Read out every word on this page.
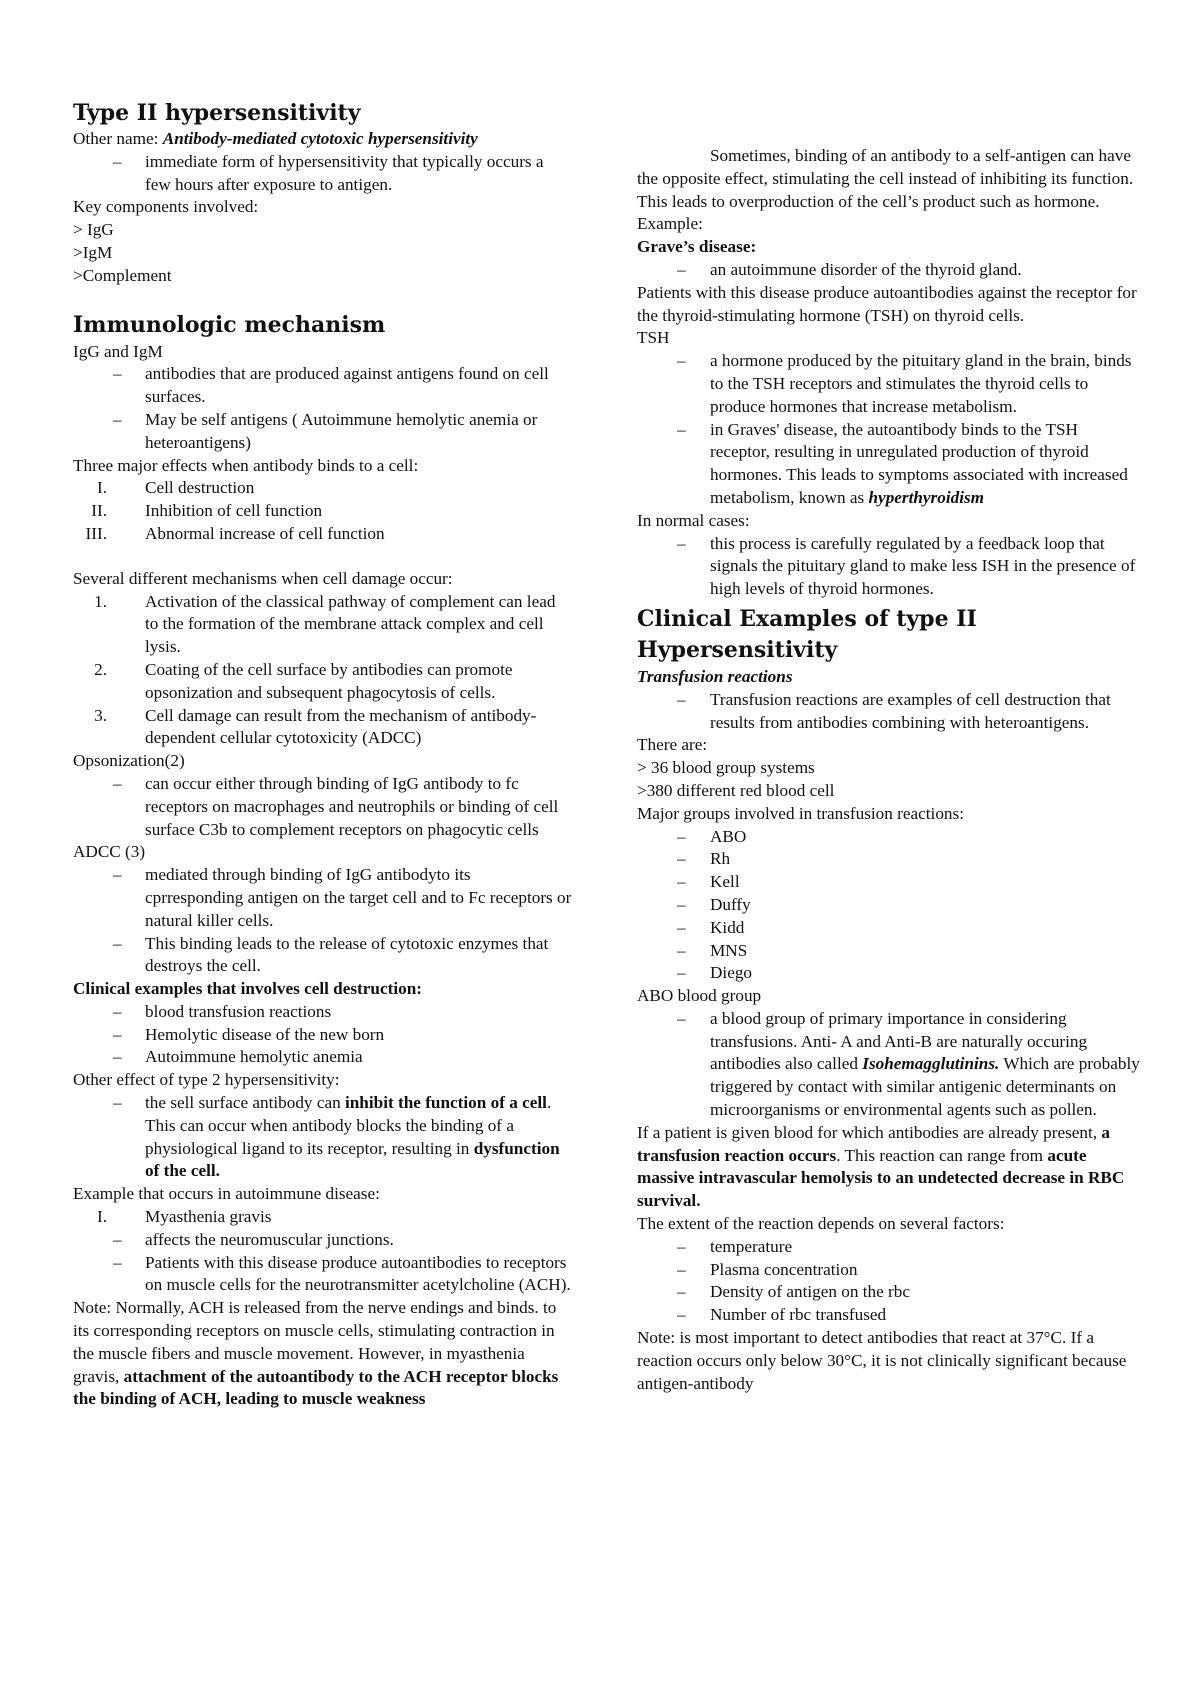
Type II hypersensitivity

Other name: Antibody-mediated cytotoxic hypersensitivity

– immediate form of hypersensitivity that typically occurs a few hours after exposure to antigen.

Key components involved:

> IgG

>IgM

>Complement

Immunologic mechanism

IgG and IgM

– antibodies that are produced against antigens found on cell surfaces.
– May be self antigens ( Autoimmune hemolytic anemia or heteroantigens)

Three major effects when antibody binds to a cell:

I. Cell destruction
II. Inhibition of cell function
III. Abnormal increase of cell function

Several different mechanisms when cell damage occur:

1. Activation of the classical pathway of complement can lead to the formation of the membrane attack complex and cell lysis.
2. Coating of the cell surface by antibodies can promote opsonization and subsequent phagocytosis of cells.
3. Cell damage can result from the mechanism of antibody- dependent cellular cytotoxicity (ADCC)

Opsonization(2)

– can occur either through binding of IgG antibody to fc receptors on macrophages and neutrophils or binding of cell surface C3b to complement receptors on phagocytic cells

ADCC (3)

– mediated through binding of IgG antibodyto its cprresponding antigen on the target cell and to Fc receptors or natural killer cells.
– This binding leads to the release of cytotoxic enzymes that destroys the cell.

Clinical examples that involves cell destruction:

– blood transfusion reactions
– Hemolytic disease of the new born
– Autoimmune hemolytic anemia

Other effect of type 2 hypersensitivity:

– the sell surface antibody can inhibit the function of a cell. This can occur when antibody blocks the binding of a physiological ligand to its receptor, resulting in dysfunction of the cell.

Example that occurs in autoimmune disease:

I. Myasthenia gravis
– affects the neuromuscular junctions.
– Patients with this disease produce autoantibodies to receptors on muscle cells for the neurotransmitter acetylcholine (ACH).

Note: Normally, ACH is released from the nerve endings and binds. to its corresponding receptors on muscle cells, stimulating contraction in the muscle fibers and muscle movement. However, in myasthenia gravis, attachment of the autoantibody to the ACH receptor blocks the binding of ACH, leading to muscle weakness

Sometimes, binding of an antibody to a self-antigen can have the opposite effect, stimulating the cell instead of inhibiting its function.

This leads to overproduction of the cell’s product such as hormone.

Example:

Grave’s disease:

– an autoimmune disorder of the thyroid gland.

Patients with this disease produce autoantibodies against the receptor for the thyroid-stimulating hormone (TSH) on thyroid cells.

TSH

– a hormone produced by the pituitary gland in the brain, binds to the TSH receptors and stimulates the thyroid cells to produce hormones that increase metabolism.
– in Graves' disease, the autoantibody binds to the TSH receptor, resulting in unregulated production of thyroid hormones. This leads to symptoms associated with increased metabolism, known as hyperthyroidism

In normal cases:

– this process is carefully regulated by a feedback loop that signals the pituitary gland to make less ISH in the presence of high levels of thyroid hormones.
Clinical Examples of type II Hypersensitivity

Transfusion reactions

– Transfusion reactions are examples of cell destruction that results from antibodies combining with heteroantigens.

There are:

> 36 blood group systems

>380 different red blood cell

Major groups involved in transfusion reactions:

– ABO
– Rh
– Kell
– Duffy
– Kidd
– MNS
– Diego

ABO blood group

– a blood group of primary importance in considering transfusions. Anti- A and Anti-B are naturally occuring antibodies also called Isohemagglutinins. Which are probably triggered by contact with similar antigenic determinants on microorganisms or environmental agents such as pollen.

If a patient is given blood for which antibodies are already present, a transfusion reaction occurs. This reaction can range from acute massive intravascular hemolysis to an undetected decrease in RBC survival.

The extent of the reaction depends on several factors:

– temperature
– Plasma concentration
– Density of antigen on the rbc
– Number of rbc transfused

Note: is most important to detect antibodies that react at 37°C. If a reaction occurs only below 30°C, it is not clinically significant because antigen-antibody
